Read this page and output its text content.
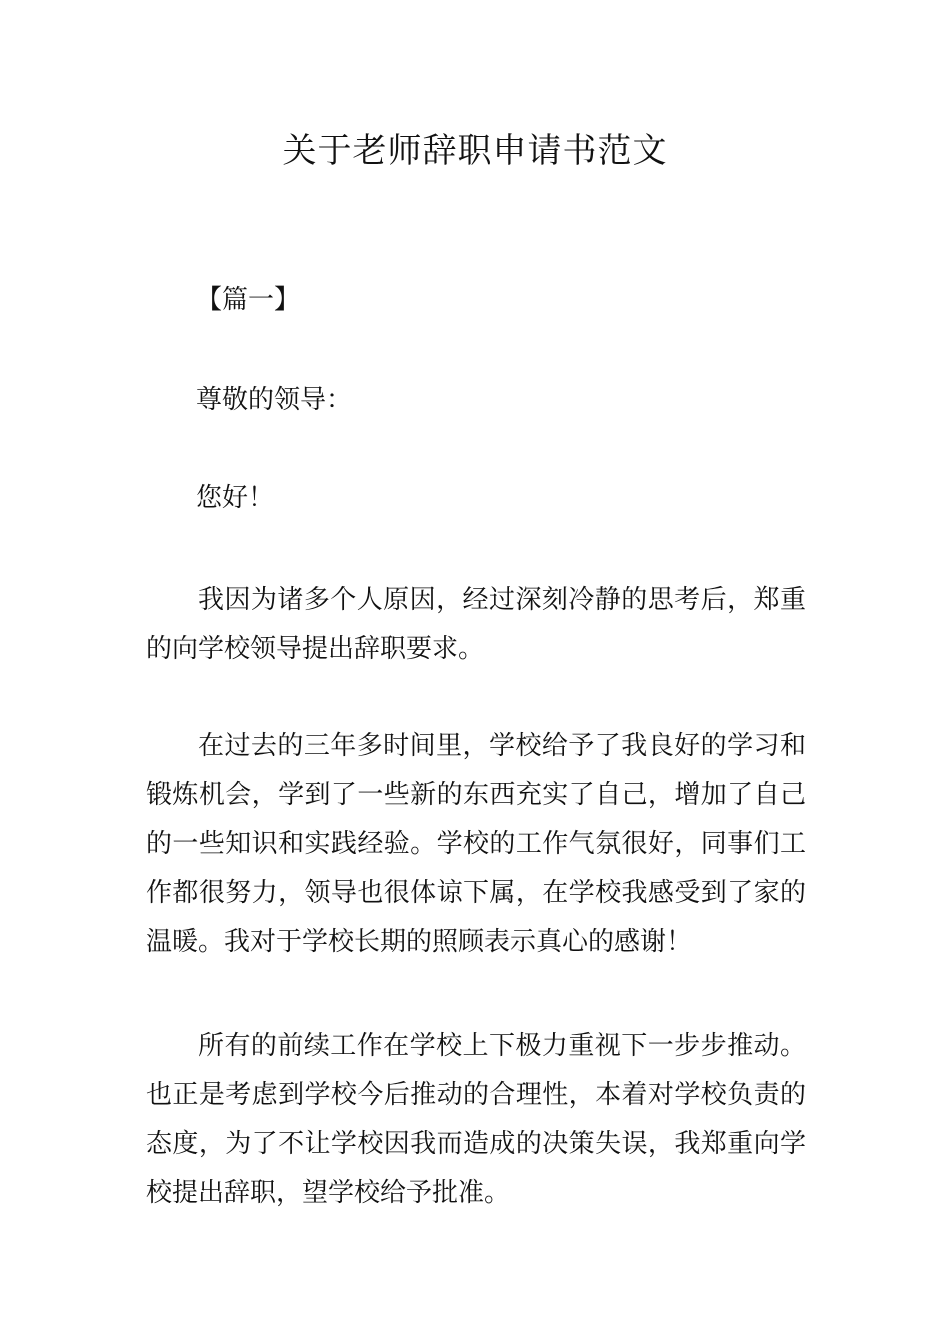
关于老师辞职申请书范文

【篇一】

尊敬的领导：

您好！

我因为诸多个人原因，经过深刻冷静的思考后，郑重的向学校领导提出辞职要求。

在过去的三年多时间里，学校给予了我良好的学习和锻炼机会，学到了一些新的东西充实了自己，增加了自己的一些知识和实践经验。学校的工作气氛很好，同事们工作都很努力，领导也很体谅下属，在学校我感受到了家的温暖。我对于学校长期的照顾表示真心的感谢！

所有的前续工作在学校上下极力重视下一步步推动。也正是考虑到学校今后推动的合理性，本着对学校负责的态度，为了不让学校因我而造成的决策失误，我郑重向学校提出辞职，望学校给予批准。
